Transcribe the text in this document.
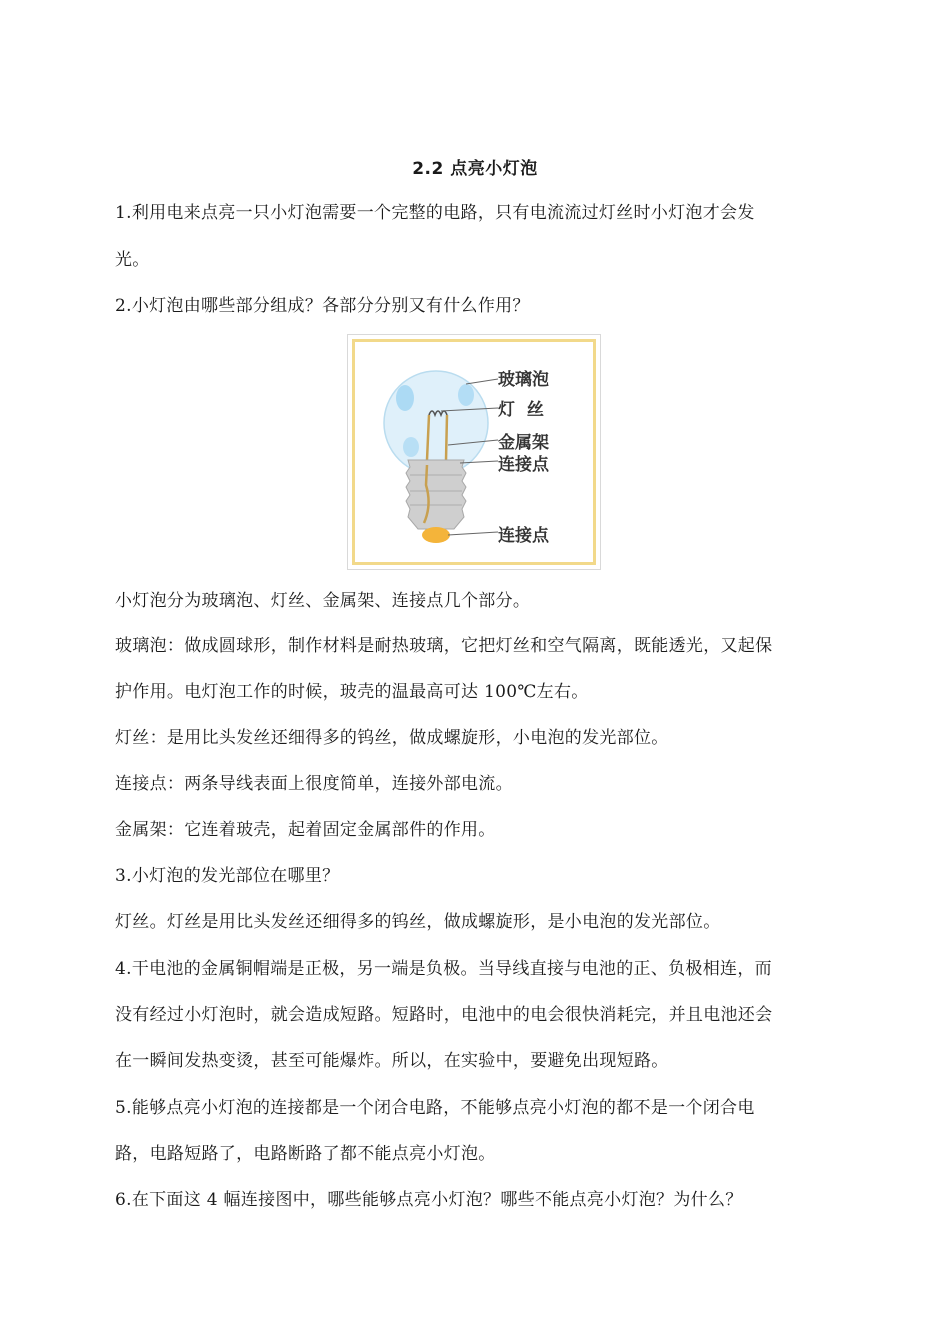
2.2 点亮小灯泡
1.利用电来点亮一只小灯泡需要一个完整的电路，只有电流流过灯丝时小灯泡才会发
光。
2.小灯泡由哪些部分组成？各部分分别又有什么作用？
玻璃泡
灯  丝
金属架
连接点
连接点
小灯泡分为玻璃泡、灯丝、金属架、连接点几个部分。
玻璃泡：做成圆球形，制作材料是耐热玻璃，它把灯丝和空气隔离，既能透光，又起保
护作用。电灯泡工作的时候，玻壳的温最高可达 100℃左右。
灯丝：是用比头发丝还细得多的钨丝，做成螺旋形，小电泡的发光部位。
连接点：两条导线表面上很度简单，连接外部电流。
金属架：它连着玻壳，起着固定金属部件的作用。
3.小灯泡的发光部位在哪里？
灯丝。灯丝是用比头发丝还细得多的钨丝，做成螺旋形，是小电泡的发光部位。
4.干电池的金属铜帽端是正极，另一端是负极。当导线直接与电池的正、负极相连，而
没有经过小灯泡时，就会造成短路。短路时，电池中的电会很快消耗完，并且电池还会
在一瞬间发热变烫，甚至可能爆炸。所以，在实验中，要避免出现短路。
5.能够点亮小灯泡的连接都是一个闭合电路，不能够点亮小灯泡的都不是一个闭合电
路，电路短路了，电路断路了都不能点亮小灯泡。
6.在下面这 4 幅连接图中，哪些能够点亮小灯泡？哪些不能点亮小灯泡？为什么？
